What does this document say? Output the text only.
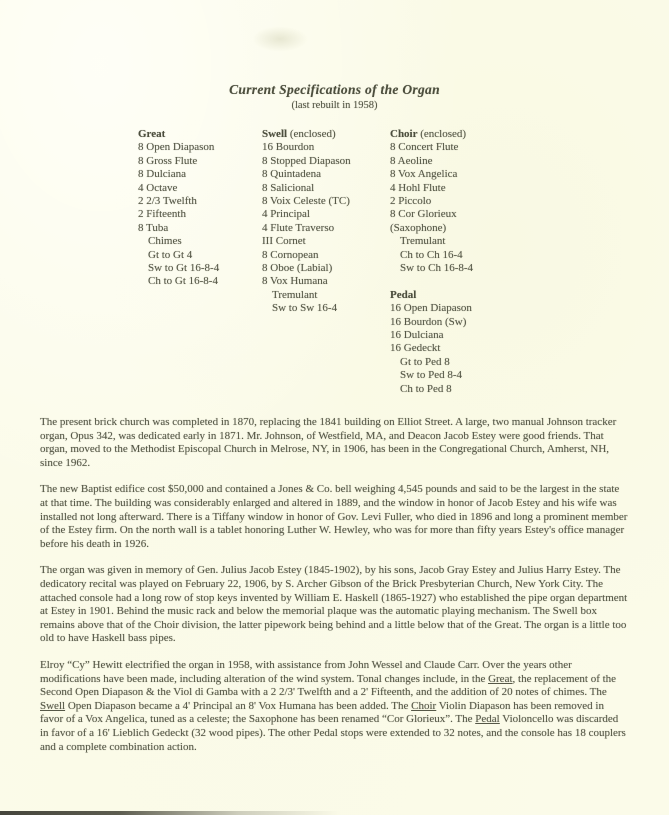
Current Specifications of the Organ
(last rebuilt in 1958)
Great
8 Open Diapason
8 Gross Flute
8 Dulciana
4 Octave
2 2/3 Twelfth
2 Fifteenth
8 Tuba
Chimes
Gt to Gt 4
Sw to Gt 16-8-4
Ch to Gt 16-8-4
Swell (enclosed)
16 Bourdon
8 Stopped Diapason
8 Quintadena
8 Salicional
8 Voix Celeste (TC)
4 Principal
4 Flute Traverso
III Cornet
8 Cornopean
8 Oboe (Labial)
8 Vox Humana
Tremulant
Sw to Sw 16-4
Choir (enclosed)
8 Concert Flute
8 Aeoline
8 Vox Angelica
4 Hohl Flute
2 Piccolo
8 Cor Glorieux
(Saxophone)
Tremulant
Ch to Ch 16-4
Sw to Ch 16-8-4
Pedal
16 Open Diapason
16 Bourdon (Sw)
16 Dulciana
16 Gedeckt
Gt to Ped 8
Sw to Ped 8-4
Ch to Ped 8

The present brick church was completed in 1870, replacing the 1841 building on Elliot Street. A large, two manual Johnson tracker organ, Opus 342, was dedicated early in 1871. Mr. Johnson, of Westfield, MA, and Deacon Jacob Estey were good friends. That organ, moved to the Methodist Episcopal Church in Melrose, NY, in 1906, has been in the Congregational Church, Amherst, NH, since 1962.

The new Baptist edifice cost $50,000 and contained a Jones & Co. bell weighing 4,545 pounds and said to be the largest in the state at that time. The building was considerably enlarged and altered in 1889, and the window in honor of Jacob Estey and his wife was installed not long afterward. There is a Tiffany window in honor of Gov. Levi Fuller, who died in 1896 and long a prominent member of the Estey firm. On the north wall is a tablet honoring Luther W. Hewley, who was for more than fifty years Estey's office manager before his death in 1926.

The organ was given in memory of Gen. Julius Jacob Estey (1845-1902), by his sons, Jacob Gray Estey and Julius Harry Estey. The dedicatory recital was played on February 22, 1906, by S. Archer Gibson of the Brick Presbyterian Church, New York City. The attached console had a long row of stop keys invented by William E. Haskell (1865-1927) who established the pipe organ department at Estey in 1901. Behind the music rack and below the memorial plaque was the automatic playing mechanism. The Swell box remains above that of the Choir division, the latter pipework being behind and a little below that of the Great. The organ is a little too old to have Haskell bass pipes.

Elroy “Cy” Hewitt electrified the organ in 1958, with assistance from John Wessel and Claude Carr. Over the years other modifications have been made, including alteration of the wind system. Tonal changes include, in the Great, the replacement of the Second Open Diapason & the Viol di Gamba with a 2 2/3' Twelfth and a 2' Fifteenth, and the addition of 20 notes of chimes. The Swell Open Diapason became a 4' Principal an 8' Vox Humana has been added. The Choir Violin Diapason has been removed in favor of a Vox Angelica, tuned as a celeste; the Saxophone has been renamed “Cor Glorieux”. The Pedal Violoncello was discarded in favor of a 16' Lieblich Gedeckt (32 wood pipes). The other Pedal stops were extended to 32 notes, and the console has 18 couplers and a complete combination action.
